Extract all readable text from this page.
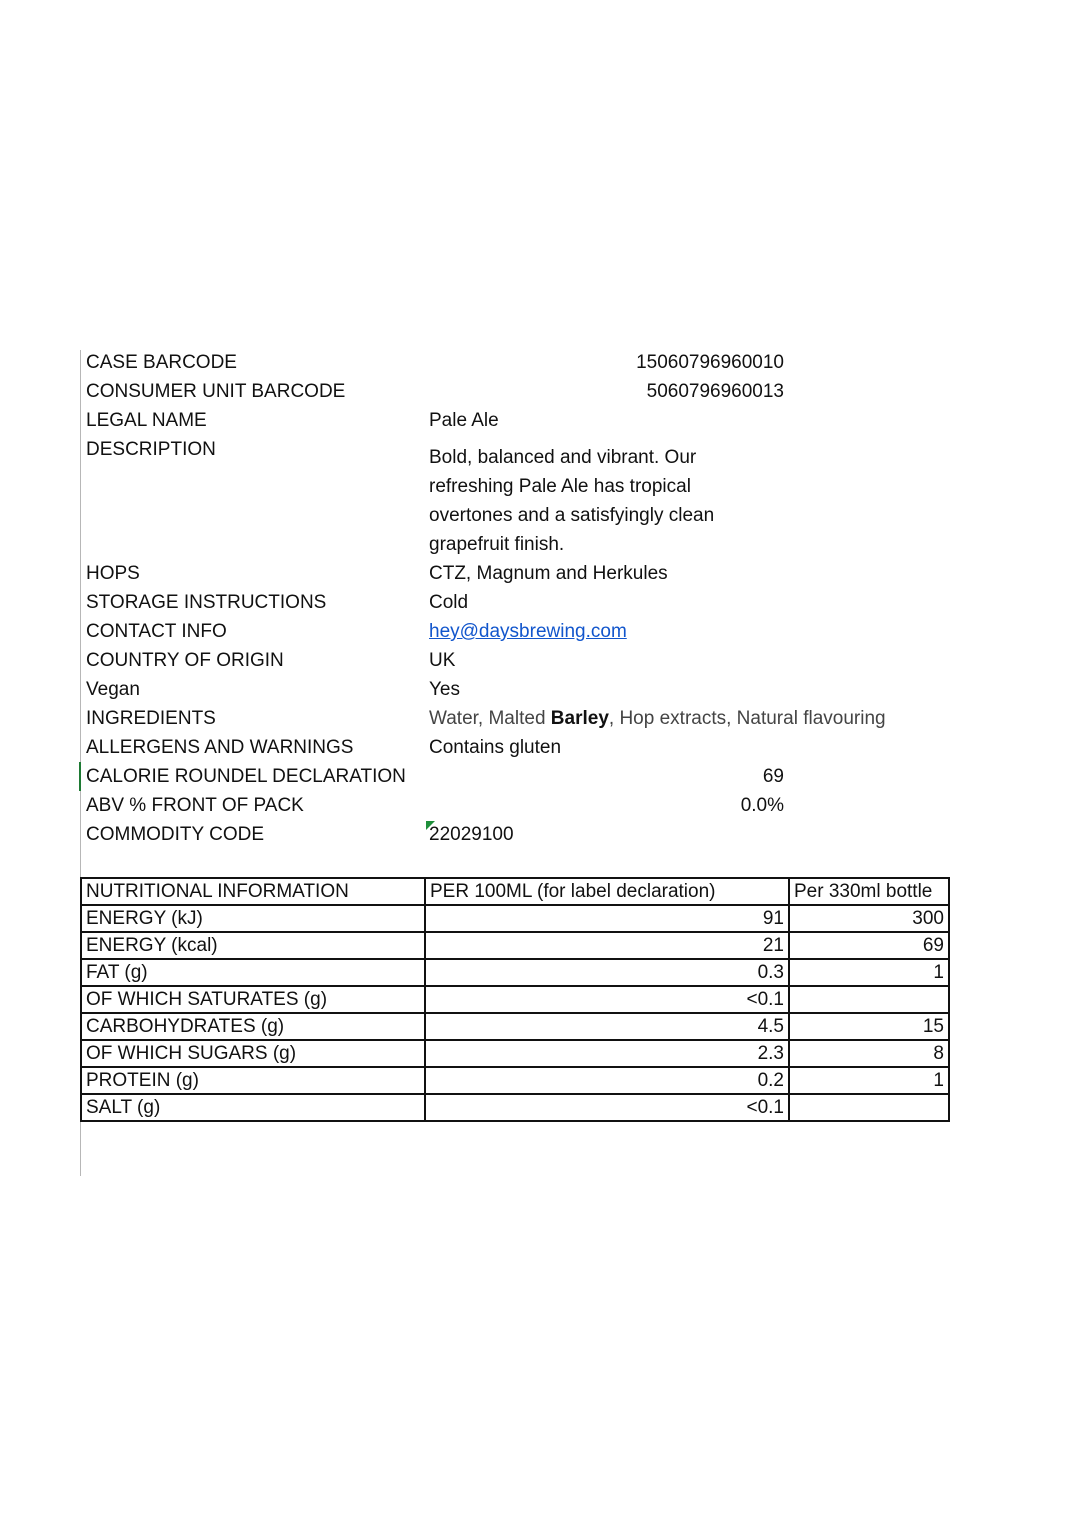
CASE BARCODE	15060796960010
CONSUMER UNIT BARCODE	5060796960013
LEGAL NAME	Pale Ale
DESCRIPTION	Bold, balanced and vibrant. Our
refreshing Pale Ale has tropical
overtones and a satisfyingly clean
grapefruit finish.
HOPS	CTZ, Magnum and Herkules
STORAGE INSTRUCTIONS	Cold
CONTACT INFO	hey@daysbrewing.com
COUNTRY OF ORIGIN	UK
Vegan	Yes
INGREDIENTS	Water, Malted Barley, Hop extracts, Natural flavouring
ALLERGENS AND WARNINGS	Contains gluten
CALORIE ROUNDEL DECLARATION	69
ABV % FRONT OF PACK	0.0%
COMMODITY CODE	22029100
NUTRITIONAL INFORMATION	PER 100ML (for label declaration)	Per 330ml bottle
ENERGY (kJ)	91	300
ENERGY (kcal)	21	69
FAT (g)	0.3	1
OF WHICH SATURATES (g)	<0.1	
CARBOHYDRATES (g)	4.5	15
OF WHICH SUGARS (g)	2.3	8
PROTEIN (g)	0.2	1
SALT (g)	<0.1	
